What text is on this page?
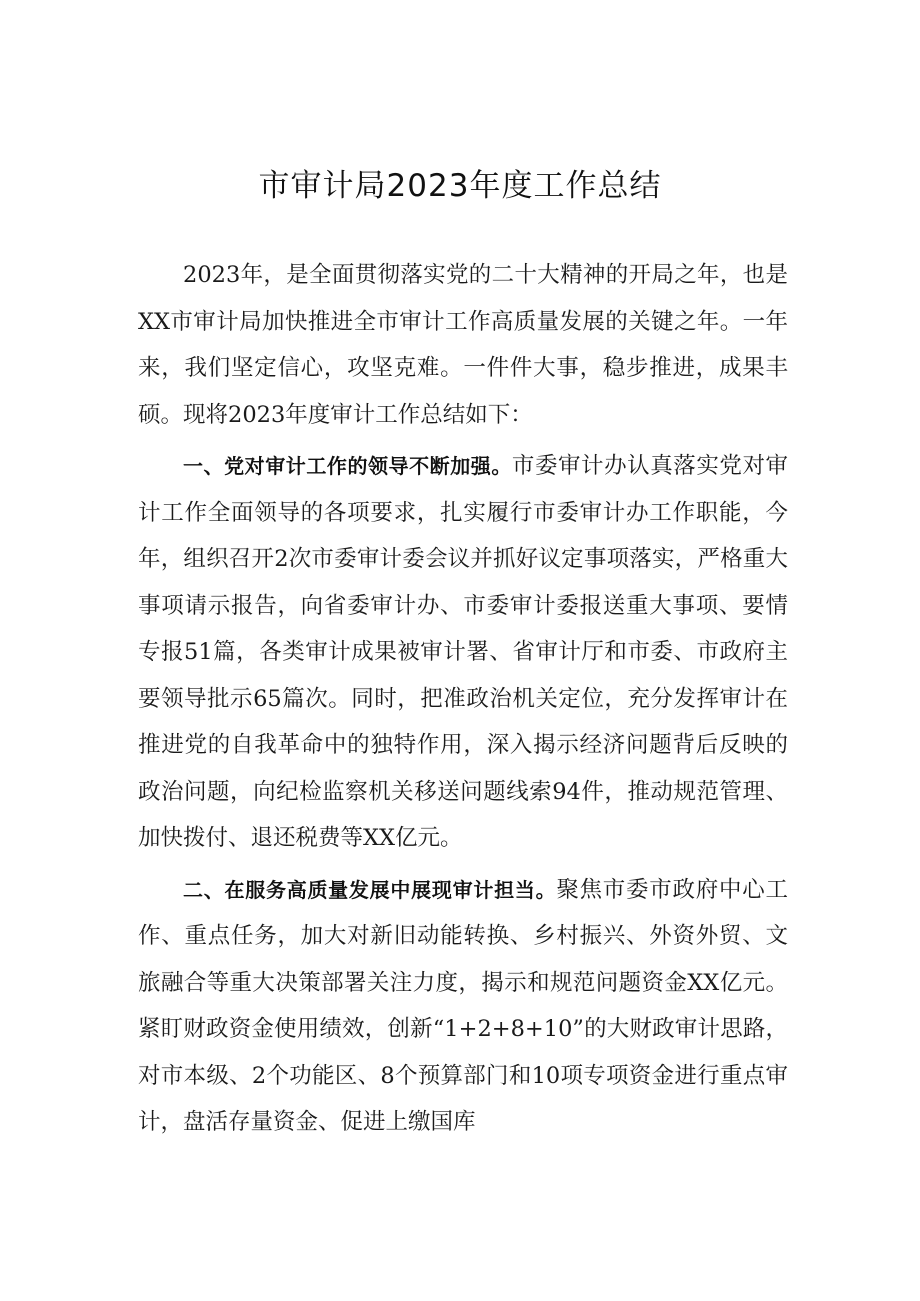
市审计局2023年度工作总结

2023年，是全面贯彻落实党的二十大精神的开局之年，也是XX市审计局加快推进全市审计工作高质量发展的关键之年。一年来，我们坚定信心，攻坚克难。一件件大事，稳步推进，成果丰硕。现将2023年度审计工作总结如下：

一、党对审计工作的领导不断加强。市委审计办认真落实党对审计工作全面领导的各项要求，扎实履行市委审计办工作职能，今年，组织召开2次市委审计委会议并抓好议定事项落实，严格重大事项请示报告，向省委审计办、市委审计委报送重大事项、要情专报51篇，各类审计成果被审计署、省审计厅和市委、市政府主要领导批示65篇次。同时，把准政治机关定位，充分发挥审计在推进党的自我革命中的独特作用，深入揭示经济问题背后反映的政治问题，向纪检监察机关移送问题线索94件，推动规范管理、加快拨付、退还税费等XX亿元。

二、在服务高质量发展中展现审计担当。聚焦市委市政府中心工作、重点任务，加大对新旧动能转换、乡村振兴、外资外贸、文旅融合等重大决策部署关注力度，揭示和规范问题资金XX亿元。紧盯财政资金使用绩效，创新“1+2+8+10”的大财政审计思路，对市本级、2个功能区、8个预算部门和10项专项资金进行重点审计，盘活存量资金、促进上缴国库
